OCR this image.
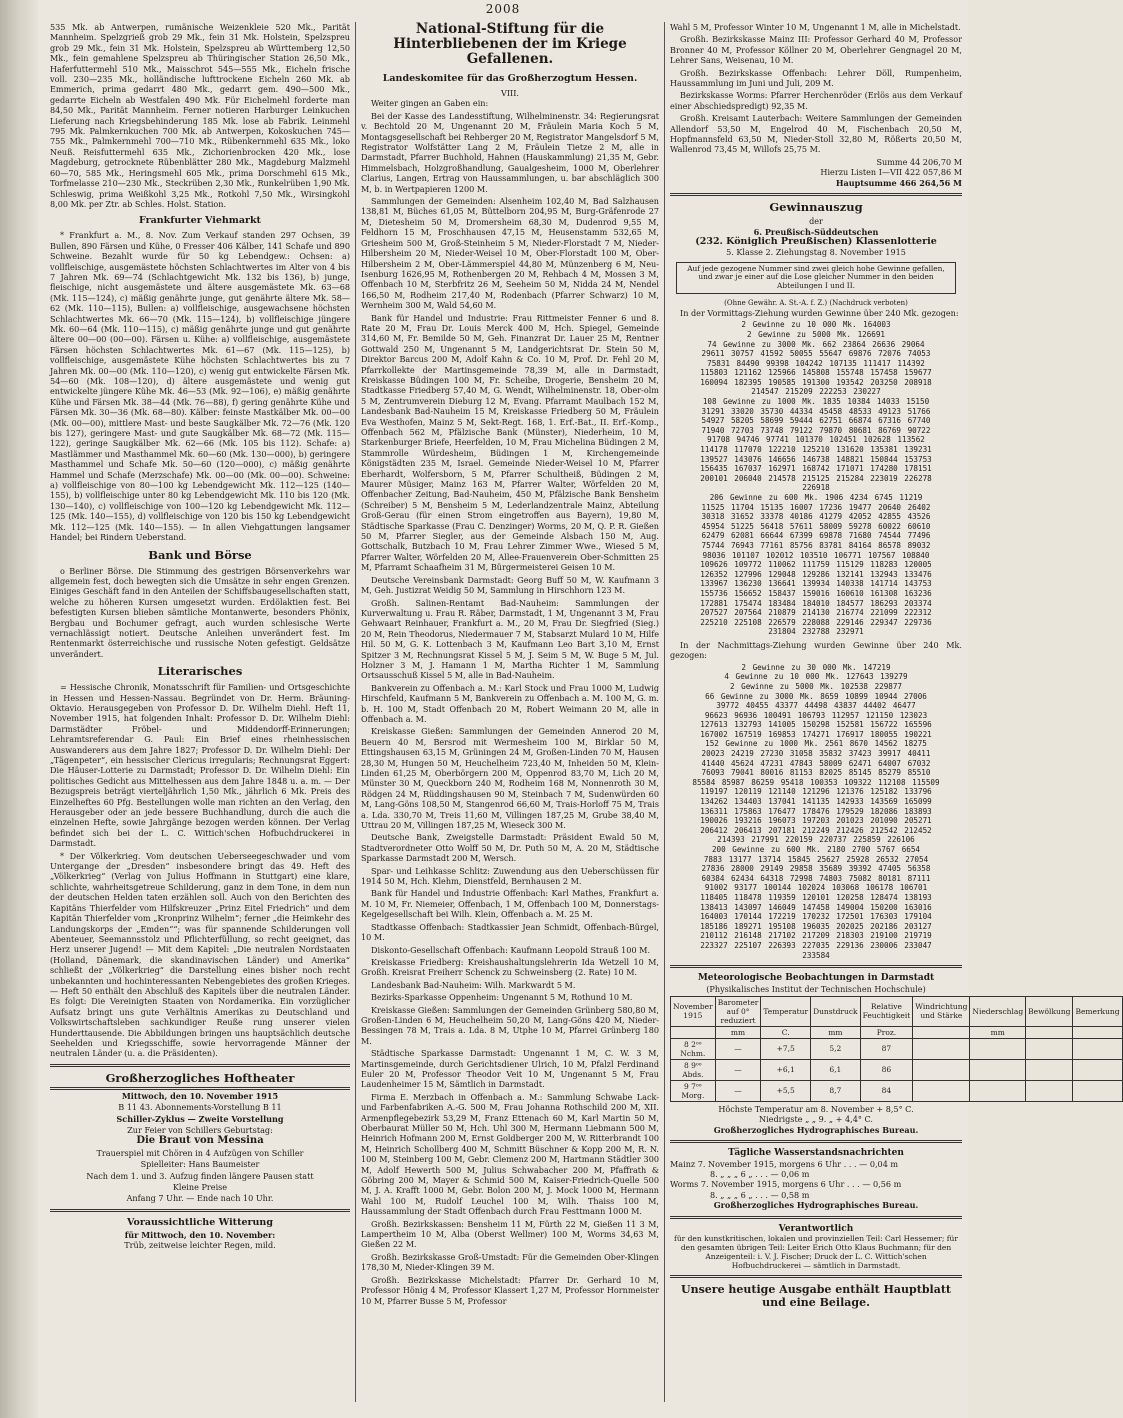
2008

535 Mk. ab Antwerpen, rumänische Weizenkleie 520 Mk., Parität Mannheim. Spelzgrieß grob 29 Mk., fein 31 Mk. Holstein, Spelzspreu grob 29 Mk., fein 31 Mk. Holstein, Spelzspreu ab Württemberg 12,50 Mk., fein gemahlene Spelzspreu ab Thüringischer Station 26,50 Mk., Haferfuttermehl 510 Mk., Maisschrot 545—555 Mk., Eicheln frische voll. 230—235 Mk., holländische lufttrockene Eicheln 260 Mk. ab Emmerich, prima gedarrt 480 Mk., gedarrt gem. 490—500 Mk., gedarrte Eicheln ab Westfalen 490 Mk. Für Eichelmehl forderte man 84,50 Mk., Parität Mannheim. Ferner notieren Harburger Leinkuchen Lieferung nach Kriegsbehinderung 185 Mk. lose ab Fabrik. Leinmehl 795 Mk. Palmkernkuchen 700 Mk. ab Antwerpen, Kokoskuchen 745—755 Mk., Palmkernmehl 700—710 Mk., Rübenkernmehl 635 Mk., loko Neuß. Reisfuttermehl 635 Mk., Zichorienbrocken 420 Mk., lose Magdeburg, getrocknete Rübenblätter 280 Mk., Magdeburg Malzmehl 60—70, 585 Mk., Heringsmehl 605 Mk., prima Dorschmehl 615 Mk., Torfmelasse 210—230 Mk., Steckrüben 2,30 Mk., Runkelrüben 1,90 Mk. Schleswig, prima Weißkohl 3,25 Mk., Rotkohl 7,50 Mk., Wirsingkohl 8,00 Mk. per Ztr. ab Schles. Holst. Station.

Frankfurter Viehmarkt

* Frankfurt a. M., 8. Nov. Zum Verkauf standen 297 Ochsen, 39 Bullen, 890 Färsen und Kühe, 0 Fresser 406 Kälber, 141 Schafe und 890 Schweine. Bezahlt wurde für 50 kg Lebendgew.: Ochsen: a) vollfleischige, ausgemästete höchsten Schlachtwertes im Alter von 4 bis 7 Jahren Mk. 69—74 (Schlachtgewicht Mk. 132 bis 136), b) junge, fleischige, nicht ausgemästete und ältere ausgemästete Mk. 63—68 (Mk. 115—124), c) mäßig genährte junge, gut genährte ältere Mk. 58—62 (Mk. 110—115), Bullen: a) vollfleischige, ausgewachsene höchsten Schlachtwertes Mk. 66—70 (Mk. 115—124), b) vollfleischige jüngere Mk. 60—64 (Mk. 110—115), c) mäßig genährte junge und gut genährte ältere 00—00 (00—00). Färsen u. Kühe: a) vollfleischige, ausgemästete Färsen höchsten Schlachtwertes Mk. 61—67 (Mk. 115—125), b) vollfleischige, ausgemästete Kühe höchsten Schlachtwertes bis zu 7 Jahren Mk. 00—00 (Mk. 110—120), c) wenig gut entwickelte Färsen Mk. 54—60 (Mk. 108—120), d) ältere ausgemästete und wenig gut entwickelte jüngere Kühe Mk. 46—53 (Mk. 92—106), e) mäßig genährte Kühe und Färsen Mk. 38—44 (Mk. 76—88), f) gering genährte Kühe und Färsen Mk. 30—36 (Mk. 68—80). Kälber: feinste Mastkälber Mk. 00—00 (Mk. 00—00), mittlere Mast- und beste Saugkälber Mk. 72—76 (Mk. 120 bis 127), geringere Mast- und gute Saugkälber Mk. 68—72 (Mk. 115—122), geringe Saugkälber Mk. 62—66 (Mk. 105 bis 112). Schafe: a) Mastlämmer und Masthammel Mk. 60—60 (Mk. 130—000), b) geringere Masthammel und Schafe Mk. 50—60 (120—000), c) mäßig genährte Hammel und Schafe (Merzschafe) Mk. 00—00 (Mk. 00—00). Schweine: a) vollfleischige von 80—100 kg Lebendgewicht Mk. 112—125 (140—155), b) vollfleischige unter 80 kg Lebendgewicht Mk. 110 bis 120 (Mk. 130—140), c) vollfleischige von 100—120 kg Lebendgewicht Mk. 112—125 (Mk. 140—155), d) vollfleischige von 120 bis 150 kg Lebendgewicht Mk. 112—125 (Mk. 140—155). — In allen Viehgattungen langsamer Handel; bei Rindern Ueberstand.

Bank und Börse

o Berliner Börse. Die Stimmung des gestrigen Börsenverkehrs war allgemein fest, doch bewegten sich die Umsätze in sehr engen Grenzen. Einiges Geschäft fand in den Anteilen der Schiffsbaugesellschaften statt, welche zu höheren Kursen umgesetzt wurden. Erdölaktien fest. Bei befestigten Kursen blieben sämtliche Montanwerte, besonders Phönix, Bergbau und Bochumer gefragt, auch wurden schlesische Werte vernachlässigt notiert. Deutsche Anleihen unverändert fest. Im Rentenmarkt österreichische und russische Noten gefestigt. Geldsätze unverändert.

Literarisches

= Hessische Chronik, Monatsschrift für Familien- und Ortsgeschichte in Hessen und Hessen-Nassau. Begründet von Dr. Herm. Bräuning-Oktavio. Herausgegeben von Professor D. Dr. Wilhelm Diehl. Heft 11, November 1915, hat folgenden Inhalt: Professor D. Dr. Wilhelm Diehl: Darmstädter Fröbel- und Middendorff-Erinnerungen; Lehramtsreferendar G. Paul: Ein Brief eines rheinhessischen Auswanderers aus dem Jahre 1827; Professor D. Dr. Wilhelm Diehl: Der „Tägenpeter“, ein hessischer Clericus irregularis; Rechnungsrat Eggert: Die Häuser-Lotterie zu Darmstadt; Professor D. Dr. Wilhelm Diehl: Ein politisches Gedicht aus Mittelhessen aus dem Jahre 1848 u. a. m. — Der Bezugspreis beträgt vierteljährlich 1,50 Mk., jährlich 6 Mk. Preis des Einzelheftes 60 Pfg. Bestellungen wolle man richten an den Verlag, den Herausgeber oder an jede bessere Buchhandlung, durch die auch die einzelnen Hefte, sowie Jahrgänge bezogen werden können. Der Verlag befindet sich bei der L. C. Wittich'schen Hofbuchdruckerei in Darmstadt.

* Der Völkerkrieg. Vom deutschen Ueberseegeschwader und vom Untergange der „Dresden“ insbesondere bringt das 49. Heft des „Völkerkrieg“ (Verlag von Julius Hoffmann in Stuttgart) eine klare, schlichte, wahrheitsgetreue Schilderung, ganz in dem Tone, in dem nun der deutschen Helden taten erzählen soll. Auch von den Berichten des Kapitäns Thierfelder vom Hilfskreuzer „Prinz Eitel Friedrich“ und dem Kapitän Thierfelder vom „Kronprinz Wilhelm“; ferner „die Heimkehr des Landungskorps der „Emden““; was für spannende Schilderungen voll Abenteuer, Seemannsstolz und Pflichterfüllung, so recht geeignet, das Herz unserer Jugend! — Mit dem Kapitel: „Die neutralen Nordstaaten (Holland, Dänemark, die skandinavischen Länder) und Amerika“ schließt der „Völkerkrieg“ die Darstellung eines bisher noch recht unbekannten und hochinteressanten Nebengebietes des großen Krieges. — Heft 50 enthält den Abschluß des Kapitels über die neutralen Länder. Es folgt: Die Vereinigten Staaten von Nordamerika. Ein vorzüglicher Aufsatz bringt uns gute Verhältnis Amerikas zu Deutschland und Volkswirtschaftsleben sachkundiger Reuße rung unserer vielen Hunderttausende. Die Abbildungen bringen uns hauptsächlich deutsche Seehelden und Kriegsschiffe, sowie hervorragende Männer der neutralen Länder (u. a. die Präsidenten).

Großherzogliches Hoftheater
Mittwoch, den 10. November 1915
B 11 43. Abonnements-Vorstellung B 11
Schiller-Zyklus — Zweite Vorstellung
Zur Feier von Schillers Geburtstag:
Die Braut von Messina
Trauerspiel mit Chören in 4 Aufzügen von Schiller
Spielleiter: Hans Baumeister
Nach dem 1. und 3. Aufzug finden längere Pausen statt
Kleine Preise
Anfang 7 Uhr. — Ende nach 10 Uhr.
Voraussichtliche Witterung
für Mittwoch, den 10. November:
Trüb, zeitweise leichter Regen, mild.
National-Stiftung für die Hinterbliebenen der im Kriege Gefallenen.
Landeskomitee für das Großherzogtum Hessen.
VIII.

Weiter gingen an Gaben ein:

Bei der Kasse des Landesstiftung, Wilhelminenstr. 34: Regierungsrat v. Bechtold 20 M, Ungenannt 20 M, Fräulein Maria Koch 5 M, Montagsgesellschaft bei Rehberger 20 M, Registrator Mangelsdorf 5 M, Registrator Wolfstätter Lang 2 M, Fräulein Tietze 2 M, alle in Darmstadt, Pfarrer Buchhold, Hahnen (Hauskammlung) 21,35 M, Gebr. Himmelsbach, Holzgroßhandlung, Gaualgesheim, 1000 M, Oberlehrer Clarius, Langen, Ertrag von Haussammlungen, u. bar abschläglich 300 M, b. in Wertpapieren 1200 M.

Sammlungen der Gemeinden: Alsenheim 102,40 M, Bad Salzhausen 138,81 M, Büches 61,05 M, Büttelborn 204,95 M, Burg-Gräfenrode 27 M, Dietesheim 50 M, Dromersheim 68,30 M, Dudenrod 9,55 M, Feldhorn 15 M, Froschhausen 47,15 M, Heusenstamm 532,65 M, Griesheim 500 M, Groß-Steinheim 5 M, Nieder-Florstadt 7 M, Nieder-Hilbersheim 20 M, Nieder-Weisel 10 M, Ober-Florstadt 100 M, Ober-Hilbersheim 2 M, Ober-Lämmerspiel 44,80 M, Münzenberg 6 M, Neu-Isenburg 1626,95 M, Rothenbergen 20 M, Rehbach 4 M, Mossen 3 M, Offenbach 10 M, Sterbfritz 26 M, Seeheim 50 M, Nidda 24 M, Nendel 166,50 M, Rodheim 217,40 M, Rodenbach (Pfarrer Schwarz) 10 M, Wernheim 300 M, Wald 54,60 M.

Bank für Handel und Industrie: Frau Rittmeister Fenner 6 und 8. Rate 20 M, Frau Dr. Louis Merck 400 M, Hch. Spiegel, Gemeinde 314,60 M, Fr. Bemilde 50 M, Geh. Finanzrat Dr. Lauer 25 M, Rentner Gottwald 250 M, Ungenannt 5 M, Landgerichtsrat Dr. Stein 50 M, Direktor Barcus 200 M, Adolf Kahn & Co. 10 M, Prof. Dr. Fehl 20 M, Pfarrkollekte der Martinsgemeinde 78,39 M, alle in Darmstadt, Kreiskasse Büdingen 100 M, Fr. Scheibe, Drogerie, Bensheim 20 M, Stadtkasse Friedberg 57,40 M, G. Wendt, Wilhelminenstr. 18, Ober-olm 5 M, Zentrumverein Dieburg 12 M, Evang. Pfarramt Maulbach 152 M, Landesbank Bad-Nauheim 15 M, Kreiskasse Friedberg 50 M, Fräulein Eva Westhofen, Mainz 5 M, Sekt-Regt. 168, 1. Erf.-Bat., II. Erf.-Komp., Offenbach 562 M, Pfälzische Bank (Münster), Niederheim, 10 M, Starkenburger Briefe, Heerfelden, 10 M, Frau Michelina Büdingen 2 M, Stammrolle Würdesheim, Büdingen 1 M, Kirchengemeinde Königstädten 235 M, Israel. Gemeinde Nieder-Weisel 10 M, Pfarrer Eberhardt, Wolfersborn, 5 M, Pfarrer Schultheiß, Büdingen 2 M, Maurer Müsiger, Mainz 163 M, Pfarrer Walter, Wörfelden 20 M, Offenbacher Zeitung, Bad-Nauheim, 450 M, Pfälzische Bank Bensheim (Schreiber) 5 M, Bensheim 5 M, Lederlandzentrale Mainz, Abteilung Groß-Gerau (für einen Strom eingetroffen aus Bayern), 19,80 M, Städtische Sparkasse (Frau C. Denzinger) Worms, 20 M, Q. P. R. Gießen 50 M, Pfarrer Siegler, aus der Gemeinde Alsbach 150 M, Aug. Gottschalk, Butzbach 10 M, Frau Lehrer Zimmer Wwe., Wiesed 5 M, Pfarrer Walter, Wörfelden 20 M, Allee-Frauenverein Ober-Schmitten 25 M, Pfarramt Schaafheim 31 M, Bürgermeisterei Geisen 10 M.

Deutsche Vereinsbank Darmstadt: Georg Buff 50 M, W. Kaufmann 3 M, Geh. Justizrat Weidig 50 M, Sammlung in Hirschhorn 123 M.

Großh. Salinen-Rentamt Bad-Nauheim: Sammlungen der Kurverwaltung u. Frau R. Räber, Darmstadt, 1 M, Ungenannt 3 M, Frau Gehwaart Reinhauer, Frankfurt a. M., 20 M, Frau Dr. Siegfried (Sieg.) 20 M, Rein Theodorus, Niedermauer 7 M, Stabsarzt Mulard 10 M, Hilfe Hil. 50 M, G. K. Lottenbach 3 M, Kaufmann Leo Bart 3,10 M, Ernst Spitzer 3 M, Rechnungsrat Kissel 5 M, J. Seim 5 M, W. Buge 5 M, Jul. Holzner 3 M, J. Hamann 1 M, Martha Richter 1 M, Sammlung Ortsausschuß Kissel 5 M, alle in Bad-Nauheim.

Bankverein zu Offenbach a. M.: Karl Stock und Frau 1000 M, Ludwig Hirschfeld, Kaufmann 5 M, Bankverein zu Offenbach a. M. 100 M, G. m. b. H. 100 M, Stadt Offenbach 20 M, Robert Weimann 20 M, alle in Offenbach a. M.

Kreiskasse Gießen: Sammlungen der Gemeinden Annerod 20 M, Beuern 40 M, Bersrod mit Wermesheim 100 M, Birklar 50 M, Ettingshausen 63,15 M, Grüningen 24 M, Großen-Linden 70 M, Hausen 28,30 M, Hungen 50 M, Heuchelheim 723,40 M, Inheiden 50 M, Klein-Linden 61,25 M, Oberbörgern 200 M, Oppenrod 83,70 M, Lich 20 M, Münster 30 M, Queckborn 240 M, Rodheim 168 M, Nonnenroth 30 M, Rödgen 24 M, Rüddingshausen 90 M, Steinbach 7 M, Sudenwürden 60 M, Lang-Göns 108,50 M, Stangenrod 66,60 M, Trais-Horloff 75 M, Trais a. Lda. 330,70 M, Treis 11,60 M, Villingen 187,25 M, Grube 38,40 M, Uttrau 20 M, Villingen 187,25 M, Wieseck 300 M.

Deutsche Bank, Zweigstelle Darmstadt: Präsident Ewald 50 M, Stadtverordneter Otto Wolff 50 M, Dr. Puth 50 M, A. 20 M, Städtische Sparkasse Darmstadt 200 M, Wersch.

Spar- und Leihkasse Schlitz: Zuwendung aus den Ueberschüssen für 1914 50 M, Hch. Klehm, Dienstfeld, Bernhausen 2 M.

Bank für Handel und Industrie Offenbach: Karl Mathes, Frankfurt a. M. 10 M, Fr. Niemeier, Offenbach, 1 M, Offenbach 100 M, Donnerstags-Kegelgesellschaft bei Wilh. Klein, Offenbach a. M. 25 M.

Stadtkasse Offenbach: Stadtkassier Jean Schmidt, Offenbach-Bürgel, 10 M.

Diskonto-Gesellschaft Offenbach: Kaufmann Leopold Strauß 100 M.

Kreiskasse Friedberg: Kreishaushaltungslehrerin Ida Wetzell 10 M, Großh. Kreisrat Freiherr Schenck zu Schweinsberg (2. Rate) 10 M.

Landesbank Bad-Nauheim: Wilh. Markwardt 5 M.

Bezirks-Sparkasse Oppenheim: Ungenannt 5 M, Rothund 10 M.

Kreiskasse Gießen: Sammlungen der Gemeinden Grünberg 580,80 M, Großen-Linden 6 M, Heuchelheim 50,20 M, Lang-Göns 420 M, Nieder-Bessingen 78 M, Trais a. Lda. 8 M, Utphe 10 M, Pfarrei Grünberg 180 M.

Städtische Sparkasse Darmstadt: Ungenannt 1 M, C. W. 3 M, Martinsgemeinde, durch Gerichtsdiener Ulrich, 10 M, Pfalzl Ferdinand Euler 20 M, Professor Theodor Veit 10 M, Ungenannt 5 M, Frau Laudenheimer 15 M, Sämtlich in Darmstadt.

Firma E. Merzbach in Offenbach a. M.: Sammlung Schwabe Lack- und Farbenfabriken A.-G. 500 M, Frau Johanna Rothschild 200 M, XII. Armenpflegebezirk 53,29 M, Franz Ettenach 60 M, Karl Martin 50 M, Oberbaurat Müller 50 M, Hch. Uhl 300 M, Hermann Liebmann 500 M, Heinrich Hofmann 200 M, Ernst Goldberger 200 M, W. Ritterbrandt 100 M, Heinrich Schollberg 400 M, Schmitt Büschner & Kopp 200 M, R. N. 100 M, Steinberg 100 M, Gebr. Clemenz 200 M, Hartmann Städtler 300 M, Adolf Hewerth 500 M, Julius Schwabacher 200 M, Pfaffrath & Göbring 200 M, Mayer & Schmid 500 M, Kaiser-Friedrich-Quelle 500 M, J. A. Krafft 1000 M, Gebr. Bolon 200 M, J. Mock 1000 M, Hermann Wahl 100 M, Rudolf Leuchel 100 M, Wilh. Thaiss 100 M, Haussammlung der Stadt Offenbach durch Frau Festtmann 1000 M.

Großh. Bezirkskassen: Bensheim 11 M, Fürth 22 M, Gießen 11 3 M, Lampertheim 10 M, Alba (Oberst Wellmer) 100 M, Worms 34,63 M, Gießen 22 M.

Großh. Bezirkskasse Groß-Umstadt: Für die Gemeinden Ober-Klingen 178,30 M, Nieder-Klingen 39 M.

Großh. Bezirkskasse Michelstadt: Pfarrer Dr. Gerhard 10 M, Professor Hönig 4 M, Professor Klassert 1,27 M, Professor Hornmeister 10 M, Pfarrer Busse 5 M, Professor

Wahl 5 M, Professor Winter 10 M, Ungenannt 1 M, alle in Michelstadt.

Großh. Bezirkskasse Mainz III: Professor Gerhard 40 M, Professor Bronner 40 M, Professor Köllner 20 M, Oberlehrer Gengnagel 20 M, Lehrer Sans, Weisenau, 10 M.

Großh. Bezirkskasse Offenbach: Lehrer Döll, Rumpenheim, Haussammlung im Juni und Juli, 209 M.

Bezirkskasse Worms: Pfarrer Herchenröder (Erlös aus dem Verkauf einer Abschiedspredigt) 92,35 M.

Großh. Kreisamt Lauterbach: Weitere Sammlungen der Gemeinden Allendorf 53,50 M, Engelrod 40 M, Fischenbach 20,50 M, Hopfmannsfeld 63,50 M, Nieder-Stoll 32,80 M, Rößerts 20,50 M, Wallenrod 73,45 M, Willofs 25,75 M.

Summe 44 206,70 M
Hierzu Listen I—VII 422 057,86 M
Hauptsumme 466 264,56 M
Gewinnauszug
der
6. Preußisch-Süddeutschen
(232. Königlich Preußischen) Klassenlotterie
5. Klasse 2. Ziehungstag 8. November 1915
Auf jede gezogene Nummer sind zwei gleich hohe Gewinne gefallen, und zwar je einer auf die Lose gleicher Nummer in den beiden Abteilungen I und II.
(Ohne Gewähr. A. St.-A. f. Z.) (Nachdruck verboten)

In der Vormittags-Ziehung wurden Gewinne über 240 Mk. gezogen:

2 Gewinne zu 10 000 Mk. 164003
2 Gewinne zu 5000 Mk. 126691
74 Gewinne zu 3000 Mk. 662 23864 26636 29064
29611 30757 41592 50055 55647 69876 72076 74053
75831 84490 99398 104242 107135 111417 114392
115803 121162 125966 145808 155748 157458 159677
160094 182395 190585 191300 193542 203250 208918
214547 215209 222253 230227
108 Gewinne zu 1000 Mk. 1835 10384 14033 15150
31291 33020 35730 44334 45458 48533 49123 51766
54927 58205 58699 59444 62751 66874 67316 67740
71940 72703 73748 79122 79870 80681 86769 90722
91708 94746 97741 101370 102451 102628 113562
114178 117070 122210 125210 131620 135381 139231
139527 143076 146656 146738 148821 150844 153753
156435 167037 162971 168742 171071 174280 178151
200101 206040 214578 215125 215284 223019 226278
226918
206 Gewinne zu 600 Mk. 1906 4234 6745 11219
11525 11704 15135 16007 17236 19477 20640 26402
30318 31652 33378 40186 41279 42052 42855 43526
45954 51225 56418 57611 58009 59278 60022 60610
62479 62081 66644 67399 69878 71680 74544 77496
75744 76943 77161 85756 83781 84164 86578 89032
98036 101107 102012 103510 106771 107567 108840
109626 109772 110062 111759 115129 118283 120005
126352 127996 129048 129286 132141 132943 133476
133967 136230 136641 139934 140338 141714 143753
155736 156652 158437 159016 160610 161308 163236
172881 175474 183484 184010 184577 186293 203374
207527 207564 210879 214130 216774 221099 222312
225210 225108 226579 228088 229146 229347 229736
231804 232788 232971

In der Nachmittags-Ziehung wurden Gewinne über 240 Mk. gezogen:

2 Gewinne zu 30 000 Mk. 147219
4 Gewinne zu 10 000 Mk. 127643 139279
2 Gewinne zu 5000 Mk. 102538 229877
66 Gewinne zu 3000 Mk. 8659 10899 10944 27006
39772 40455 43377 44498 43837 44402 46477
96623 96936 100491 106793 112957 121150 123023
127613 132793 141005 150298 152581 156722 165596
167002 167519 169853 174271 176917 180055 190221
152 Gewinne zu 1000 Mk. 2561 8670 14562 18275
20023 24219 27230 31058 35832 37423 39917 40411
41440 45624 47231 47843 58009 62471 64007 67032
76093 79041 80016 81153 82025 85145 85279 85510
85584 85987 86259 95418 100353 109322 112108 115509
119197 120119 121140 121296 121376 125182 133796
134262 134403 137041 141135 142933 143569 165099
136311 175863 176477 178476 179529 182086 183893
190026 193216 196073 197203 201023 201090 205271
206412 206413 207181 212249 212426 212542 212452
214393 217991 220159 220737 225859 226106
200 Gewinne zu 600 Mk. 2180 2700 5767 6654
7883 13177 13714 15845 25627 25928 26532 27054
27836 28000 29149 29858 35689 39392 47405 56358
60384 62434 64318 72998 74803 75082 80181 87111
91002 93177 100144 102024 103068 106178 106701
118405 118478 119359 120101 120258 128474 138193
138413 143097 146049 147458 149004 150200 163016
164003 170144 172219 170232 172501 176303 179104
185186 189271 195108 196035 202025 202186 203127
210112 216148 217102 217209 218303 219100 219719
223327 225107 226393 227035 229136 230006 233047
233584
Meteorologische Beobachtungen in Darmstadt
(Physikalisches Institut der Technischen Hochschule)
November 1915	Barometer auf 0° reduziert	Temperatur	Dunstdruck	Relative Feuchtigkeit	Windrichtung und Stärke	Niederschlag	Bewölkung	Bemerkung
	mm	C.	mm	Proz.		mm		
8 2ᵒᵒ Nchm.	—	+7,5	5,2	87				
8 9ᵒᵒ Abds.	—	+6,1	6,1	86				
9 7ᵒᵒ Morg.	—	+5,5	8,7	84				
Höchste Temperatur am 8. November + 8,5° C.
Niedrigste „ „ 9. „ + 4,4° C.
Großherzogliches Hydrographisches Bureau.
Tägliche Wasserstandsnachrichten
Mainz 7. November 1915, morgens 6 Uhr . . . — 0,04 m
8. „ „ „ 6 „ . . . — 0,06 m
Worms 7. November 1915, morgens 6 Uhr . . . — 0,56 m
8. „ „ „ 6 „ . . . — 0,58 m
Großherzogliches Hydrographisches Bureau.
Verantwortlich
für den kunstkritischen, lokalen und provinziellen Teil: Carl Hessemer; für den gesamten übrigen Teil: Leiter Erich Otto Klaus Buchmann; für den Anzeigenteil: i. V. J. Fischer; Druck der L. C. Wittich'schen Hofbuchdruckerei — sämtlich in Darmstadt.
Unsere heutige Ausgabe enthält Hauptblatt und eine Beilage.
